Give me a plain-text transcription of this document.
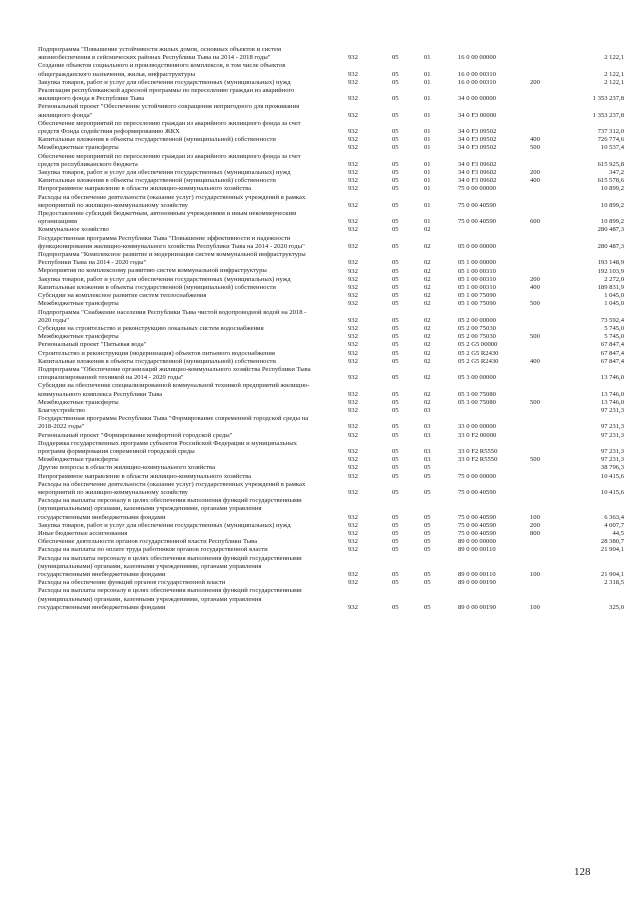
Подпрограмма "Повышение устойчивости жилых домов, основных объектов и систем жизнеобеспечения в сейсмических районах Республики Тыва на 2014 - 2018 годы"	932	05	01	16 0 00 00000	2 122,1
Создание объектов социального и производственного комплексов, в том числе объектов общегражданского назначения, жилья, инфраструктуры	932	05	01	16 0 00 00310	2 122,1
Закупка товаров, работ и услуг для обеспечения государственных (муниципальных) нужд	932	05	01	16 0 00 00310	200	2 122,1
Реализация республиканской адресной программы по переселению граждан из аварийного жилищного фонда в Республике Тыва	932	05	01	34 0 00 00000	1 353 237,8
Региональный проект "Обеспечение устойчивого сокращения непригодного для проживания жилищного фонда"	932	05	01	34 0 F3 00000	1 353 237,8
Обеспечение мероприятий по переселению граждан из аварийного жилищного фонда за счет средств Фонда содействия реформированию ЖКХ	932	05	01	34 0 F3 09502	737 312,0
Капитальные вложения в объекты государственной (муниципальной) собственности	932	05	01	34 0 F3 09502	400	726 774,6
Межбюджетные трансферты	932	05	01	34 0 F3 09502	500	10 537,4
Обеспечение мероприятий по переселению граждан из аварийного жилищного фонда за счет средств республиканского бюджета	932	05	01	34 0 F3 09602	615 925,8
Закупка товаров, работ и услуг для обеспечения государственных (муниципальных) нужд	932	05	01	34 0 F3 09602	200	347,2
Капитальные вложения в объекты государственной (муниципальной) собственности	932	05	01	34 0 F3 09602	400	615 578,6
Непрограммное направление в области жилищно-коммунального хозяйства	932	05	01	75 0 00 00000	10 899,2
Расходы на обеспечение деятельности (оказание услуг) государственных учреждений в рамках мероприятий по жилищно-коммунальному хозяйству	932	05	01	75 0 00 40590	10 899,2
Предоставление субсидий бюджетным, автономным учреждениям и иным некоммерческим организациям	932	05	01	75 0 00 40590	600	10 899,2
Коммунальное хозяйство	932	05	02	280 487,3
Государственная программа Республики Тыва "Повышение эффективности и надежности функционирования жилищно-коммунального хозяйства Республики Тыва на 2014 - 2020 годы"	932	05	02	05 0 00 00000	280 487,3
Подпрограмма "Комплексное развитие и модернизация систем коммунальной инфраструктуры Республики Тыва на 2014 - 2020 годы"	932	05	02	05 1 00 00000	193 148,9
Мероприятия по комплексному развитию систем коммунальной инфраструктуры	932	05	02	05 1 00 00310	192 103,9
Закупка товаров, работ и услуг для обеспечения государственных (муниципальных) нужд	932	05	02	05 1 00 00310	200	2 272,0
Капитальные вложения в объекты государственной (муниципальной) собственности	932	05	02	05 1 00 00310	400	189 831,9
Субсидии на комплексное развитие систем теплоснабжения	932	05	02	05 1 00 75090	1 045,0
Межбюджетные трансферты	932	05	02	05 1 00 75090	500	1 045,0
Подпрограмма "Снабжение населения Республики Тыва чистой водопроводной водой на 2018 - 2020 годы"	932	05	02	05 2 00 00000	73 592,4
Субсидии на строительство и реконструкцию локальных систем водоснабжения	932	05	02	05 2 00 75030	5 745,0
Межбюджетные трансферты	932	05	02	05 2 00 75030	500	5 745,0
Региональный проект "Питьевая вода"	932	05	02	05 2 G5 00000	67 847,4
Строительство и реконструкция (модернизация) объектов питьевого водоснабжения	932	05	02	05 2 G5 R2430	67 847,4
Капитальные вложения в объекты государственной (муниципальной) собственности	932	05	02	05 2 G5 R2430	400	67 847,4
Подпрограмма "Обеспечение организаций жилищно-коммунального хозяйства Республики Тыва специализированной техникой на 2014 - 2020 годы"	932	05	02	05 3 00 00000	13 746,0
Субсидии на обеспечение специализированной коммунальной техникой предприятий жилищно-коммунального комплекса Республики Тыва	932	05	02	05 3 00 75080	13 746,0
Межбюджетные трансферты	932	05	02	05 3 00 75080	500	13 746,0
Благоустройство	932	05	03	97 231,3
Государственная программа Республики Тыва "Формирование современной городской среды на 2018-2022 годы"	932	05	03	33 0 00 00000	97 231,3
Региональный проект "Формирование комфортной городской среды"	932	05	03	33 0 F2 00000	97 231,3
Поддержка государственных программ субъектов Российской Федерации и муниципальных программ формирования современной городской среды	932	05	03	33 0 F2 R5550	97 231,3
Межбюджетные трансферты	932	05	03	33 0 F2 R5550	500	97 231,3
Другие вопросы в области жилищно-коммунального хозяйства	932	05	05	38 796,3
Непрограммное направление в области жилищно-коммунального хозяйства	932	05	05	75 0 00 00000	10 415,6
Расходы на обеспечение деятельности (оказание услуг) государственных учреждений в рамках мероприятий по жилищно-коммунальному хозяйству	932	05	05	75 0 00 40590	10 415,6
Расходы на выплаты персоналу в целях обеспечения выполнения функций государственными (муниципальными) органами, казенными учреждениями, органами управления государственными внебюджетными фондами	932	05	05	75 0 00 40590	100	6 363,4
Закупка товаров, работ и услуг для обеспечения государственных (муниципальных) нужд	932	05	05	75 0 00 40590	200	4 007,7
Иные бюджетные ассигнования	932	05	05	75 0 00 40590	800	44,5
Обеспечение деятельности органов государственной власти Республики Тыва	932	05	05	89 0 00 00000	28 380,7
Расходы на выплаты по оплате труда работников органов государственной власти	932	05	05	89 0 00 00110	21 904,1
Расходы на выплаты персоналу в целях обеспечения выполнения функций государственными (муниципальными) органами, казенными учреждениями, органами управления государственными внебюджетными фондами	932	05	05	89 0 00 00110	100	21 904,1
Расходы на обеспечение функций органов государственной власти	932	05	05	89 0 00 00190	2 318,5
Расходы на выплаты персоналу в целях обеспечения выполнения функций государственными (муниципальными) органами, казенными учреждениями, органами управления государственными внебюджетными фондами	932	05	05	89 0 00 00190	100	325,0
128
